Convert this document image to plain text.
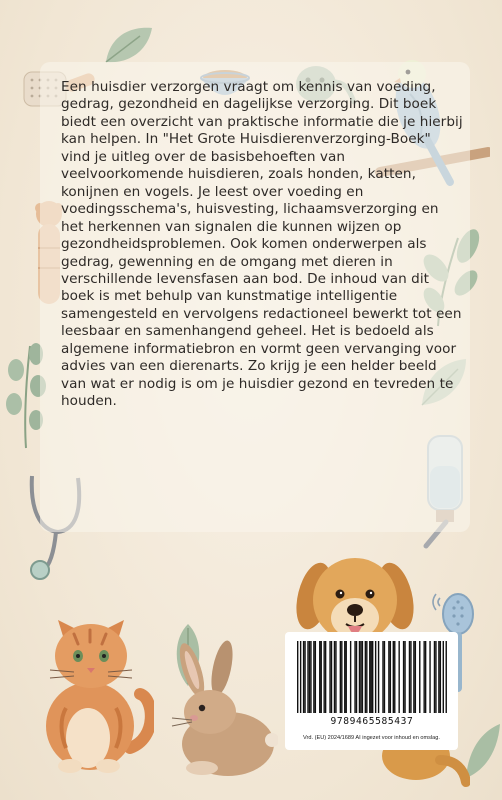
Een huisdier verzorgen vraagt om kennis van voeding, gedrag, gezondheid en dagelijkse verzorging. Dit boek biedt een overzicht van praktische informatie die je hierbij kan helpen. In "Het Grote Huisdierenverzorging-Boek" vind je uitleg over de basisbehoeften van veelvoorkomende huisdieren, zoals honden, katten, konijnen en vogels. Je leest over voeding en voedingsschema's, huisvesting, lichaamsverzorging en het herkennen van signalen die kunnen wijzen op gezondheidsproblemen. Ook komen onderwerpen als gedrag, gewenning en de omgang met dieren in verschillende levensfasen aan bod. De inhoud van dit boek is met behulp van kunstmatige intelligentie samengesteld en vervolgens redactioneel bewerkt tot een leesbaar en samenhangend geheel. Het is bedoeld als algemene informatiebron en vormt geen vervanging voor advies van een dierenarts. Zo krijg je een helder beeld van wat er nodig is om je huisdier gezond en tevreden te houden.

9789465585437
Vrd. (EU) 2024/1689 AI ingezet voor inhoud en omslag.
